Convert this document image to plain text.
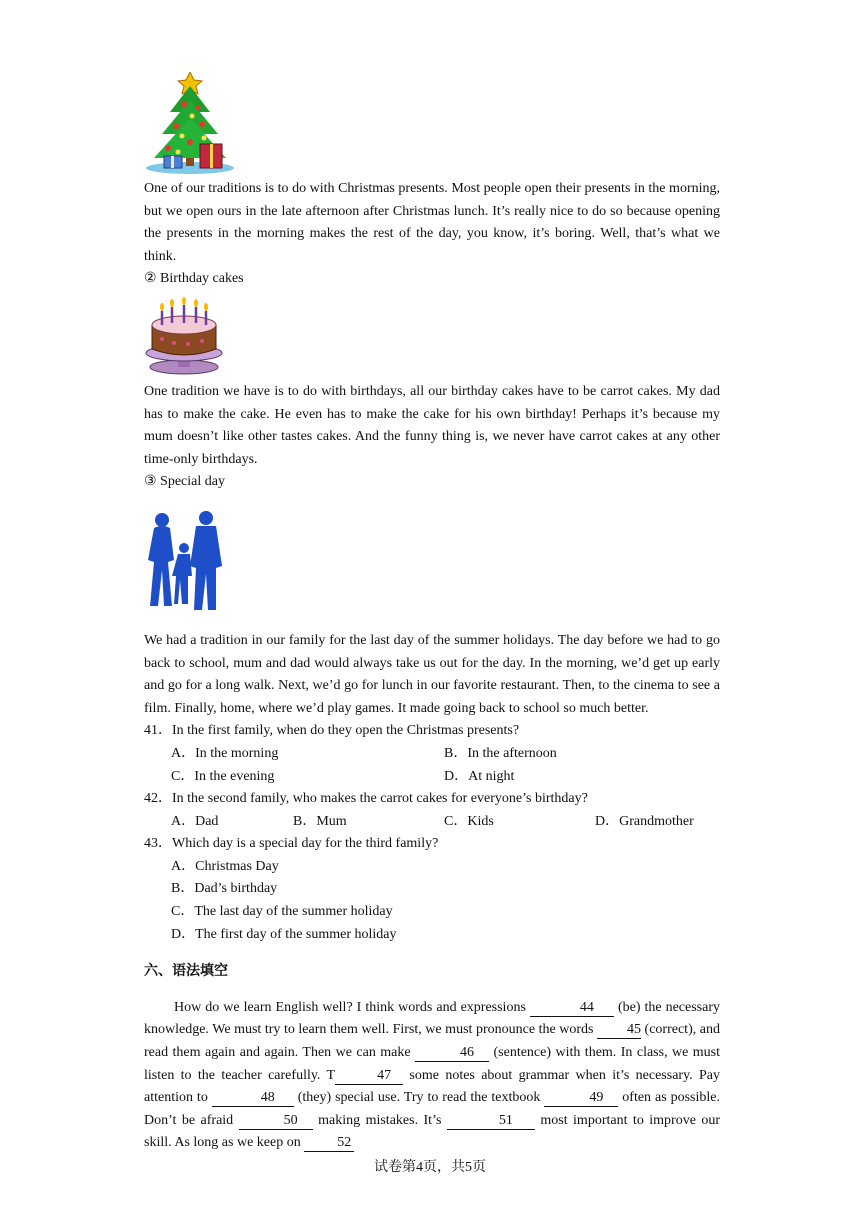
One of our traditions is to do with Christmas presents. Most people open their presents in the morning, but we open ours in the late afternoon after Christmas lunch. It’s really nice to do so because opening the presents in the morning makes the rest of the day, you know, it’s boring. Well, that’s what we think.

② Birthday cakes

One tradition we have is to do with birthdays, all our birthday cakes have to be carrot cakes. My dad has to make the cake. He even has to make the cake for his own birthday! Perhaps it’s because my mum doesn’t like other tastes cakes. And the funny thing is, we never have carrot cakes at any other time-only birthdays.

③ Special day

We had a tradition in our family for the last day of the summer holidays. The day before we had to go back to school, mum and dad would always take us out for the day. In the morning, we’d get up early and go for a long walk. Next, we’d go for lunch in our favorite restaurant. Then, to the cinema to see a film. Finally, home, where we’d play games. It made going back to school so much better.

41．In the first family, when do they open the Christmas presents?

A．In the morning	B．In the afternoon
C．In the evening	D．At night

42．In the second family, who makes the carrot cakes for everyone’s birthday?

A．Dad	B．Mum	C．Kids	D．Grandmother

43．Which day is a special day for the third family?

A．Christmas Day
B．Dad’s birthday
C．The last day of the summer holiday
D．The first day of the summer holiday

六、语法填空

How do we learn English well? I think words and expressions	44 (be) the necessary knowledge. We must try to learn them well. First, we must pronounce the words 45 (correct), and read them again and again. Then we can make	46 (sentence) with them. In class, we must listen to the teacher carefully. T	47 some notes about grammar when it’s necessary. Pay attention to	48 (they) special use. Try to read the textbook	49 often as possible. Don’t be afraid	50 making mistakes. It’s	51 most important to improve our skill. As long as we keep on	52

试卷第4页，共5页
